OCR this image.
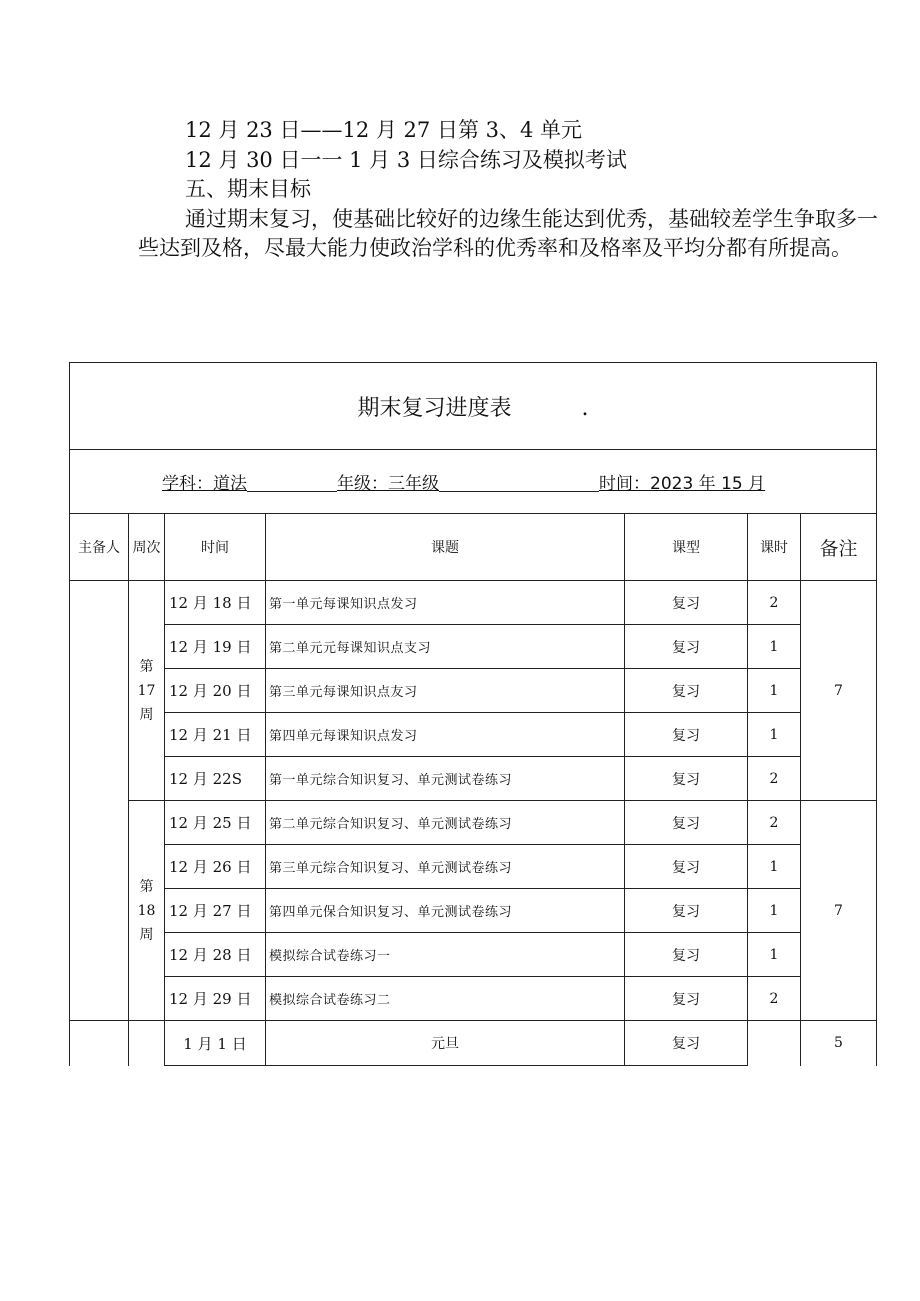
12 月 23 日——12 月 27 日第 3、4 单元

12 月 30 日一一 1 月 3 日综合练习及模拟考试

五、期末目标

通过期末复习，使基础比较好的边缘生能达到优秀，基础较差学生争取多一些达到及格，尽最大能力使政治学科的优秀率和及格率及平均分都有所提高。

期末复习进度表 .						
学科：道法 年级：三年级 时间：2023 年 15 月						
主备人	周次	时间	课题	课型	课时	备注

	第
17
周	12 月 18 日	第一单元每课知识点发习	复习	2	7
		12 月 19 日	第二单元元每课知识点支习	复习	1	
		12 月 20 日	第三单元每课知识点友习	复习	1	
		12 月 21 日	第四单元每课知识点发习	复习	1	
		12 月 22S	第一单元综合知识复习、单元测试卷练习	复习	2	

	第
18
周	12 月 25 日	第二单元综合知识复习、单元测试卷练习	复习	2	7
		12 月 26 日	第三单元综合知识复习、单元测试卷练习	复习	1	
		12 月 27 日	第四单元保合知识复习、单元测试卷练习	复习	1	
		12 月 28 日	模拟综合试卷练习一	复习	1	
		12 月 29 日	模拟综合试卷练习二	复习	2	
		1 月 1 日	元旦	复习		5
